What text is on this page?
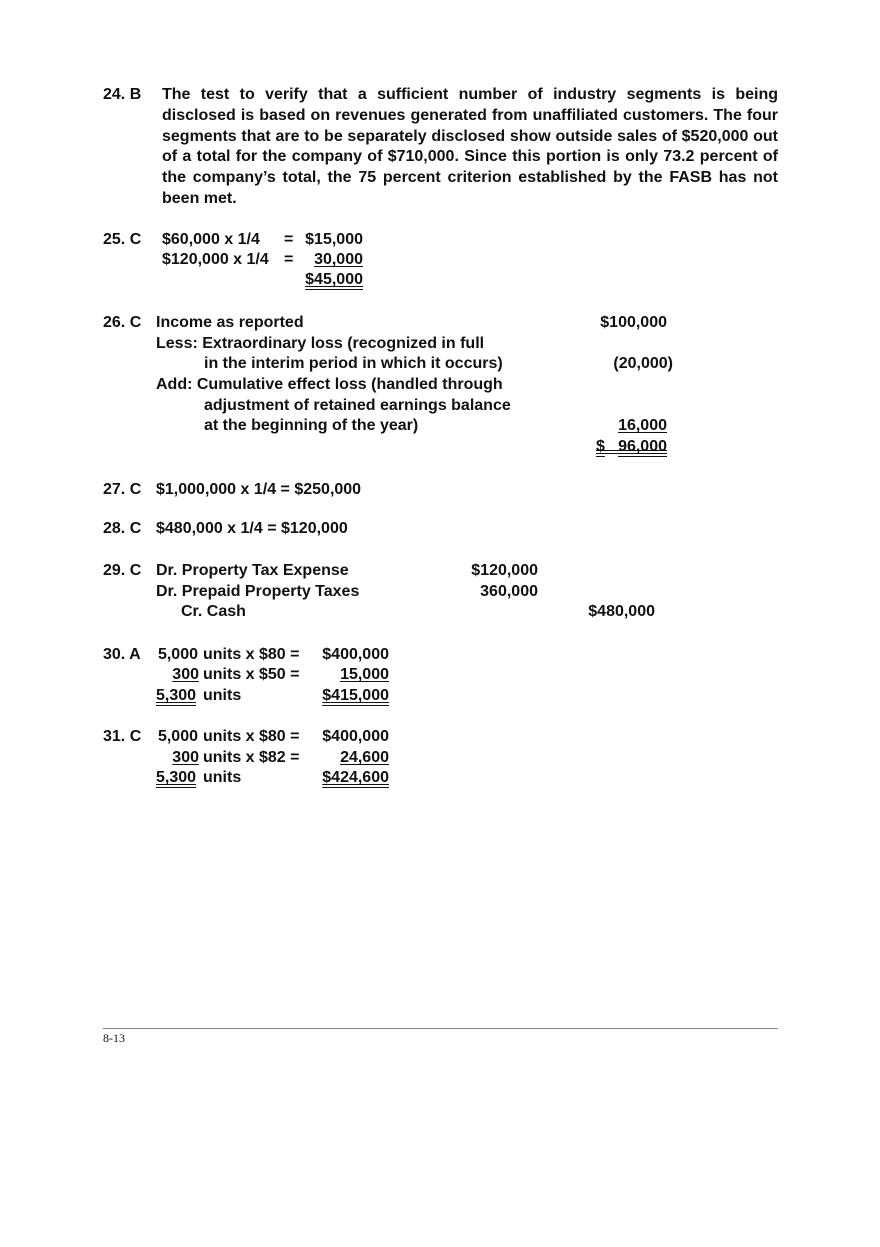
24. B The test to verify that a sufficient number of industry segments is being disclosed is based on revenues generated from unaffiliated customers. The four segments that are to be separately disclosed show outside sales of $520,000 out of a total for the company of $710,000. Since this portion is only 73.2 percent of the company’s total, the 75 percent criterion established by the FASB has not been met.
25. C $60,000 x 1/4 = $15,000
$120,000 x 1/4 =	30,000
$45,000
26. C Income as reported	$100,000
Less: Extraordinary loss (recognized in full
in the interim period in which it occurs)	(20,000)
Add: Cumulative effect loss (handled through
adjustment of retained earnings balance
at the beginning of the year)	16,000
$ 96,000
27. C $1,000,000 x 1/4 = $250,000
28. C $480,000 x 1/4 = $120,000
29. C Dr. Property Tax Expense	$120,000
Dr. Prepaid Property Taxes	360,000
Cr. Cash	$480,000
30. A	5,000 units x $80 =	$400,000

300 units x $50 =	15,000
5,300 units	$415,000
31. C	5,000 units x $80 =	$400,000

300 units x $82 =	24,600
5,300 units	$424,600
8-13
